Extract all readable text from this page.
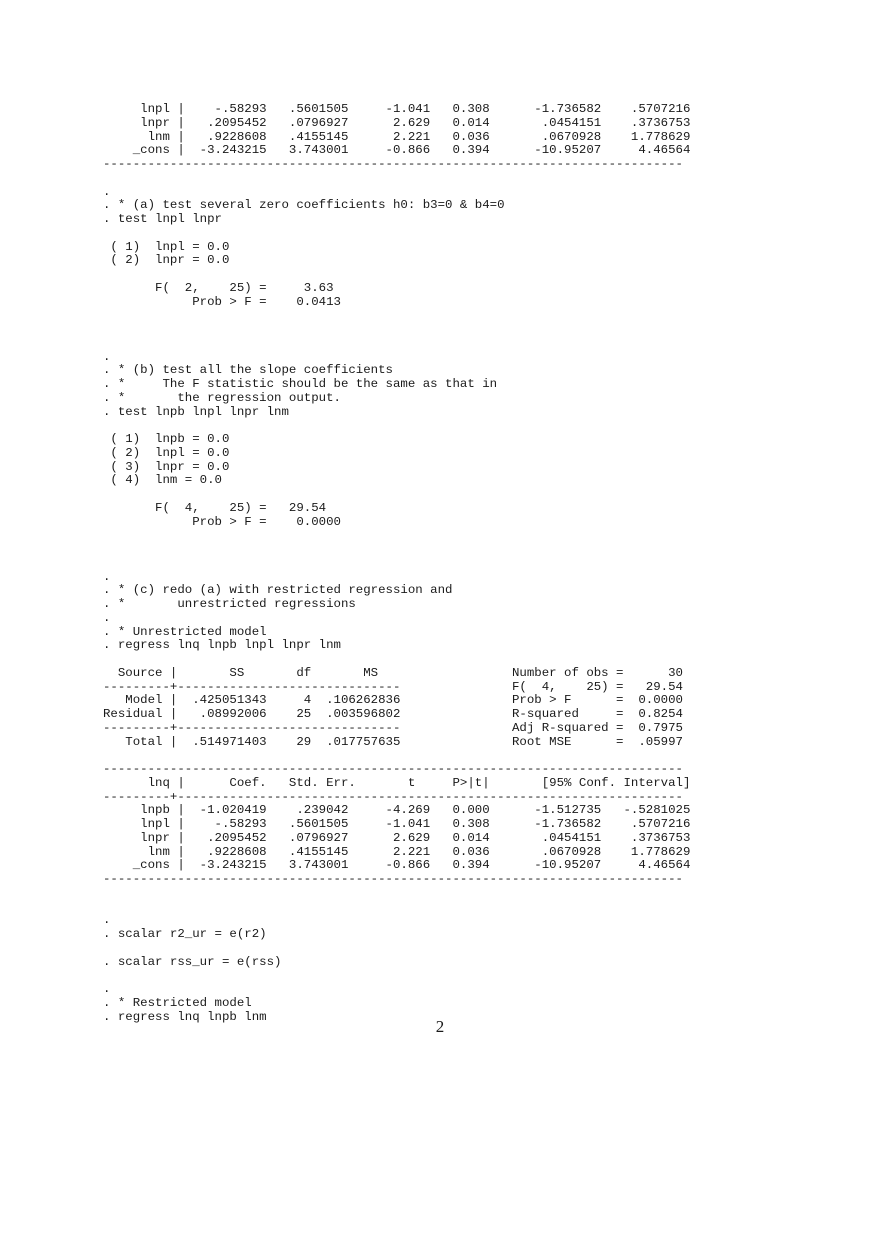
lnpl |    -.58293   .5601505     -1.041   0.308      -1.736582    .5707216
lnpr |   .2095452   .0796927      2.629   0.014       .0454151    .3736753
lnm |   .9228608   .4155145      2.221   0.036       .0670928    1.778629
_cons |  -3.243215   3.743001     -0.866   0.394      -10.95207     4.46564
------------------------------------------------------------------------------
.
. * (a) test several zero coefficients h0: b3=0 & b4=0
. test lnpl lnpr
( 1)  lnpl = 0.0
( 2)  lnpr = 0.0
F(  2,    25) =     3.63
Prob > F =    0.0413
.
. * (b) test all the slope coefficients
. *     The F statistic should be the same as that in
. *       the regression output.
. test lnpb lnpl lnpr lnm
( 1)  lnpb = 0.0
( 2)  lnpl = 0.0
( 3)  lnpr = 0.0
( 4)  lnm = 0.0
F(  4,    25) =   29.54
Prob > F =    0.0000
.
. * (c) redo (a) with restricted regression and
. *       unrestricted regressions
.
. * Unrestricted model
. regress lnq lnpb lnpl lnpr lnm
Source |       SS       df       MS                  Number of obs =      30
---------+------------------------------               F(  4,    25) =   29.54
Model |  .425051343     4  .106262836               Prob > F      =  0.0000
Residual |   .08992006    25  .003596802               R-squared     =  0.8254
---------+------------------------------               Adj R-squared =  0.7975
Total |  .514971403    29  .017757635               Root MSE      =  .05997
------------------------------------------------------------------------------
lnq |      Coef.   Std. Err.       t     P>|t|       [95% Conf. Interval]
---------+--------------------------------------------------------------------
lnpb |  -1.020419    .239042     -4.269   0.000      -1.512735   -.5281025
lnpl |    -.58293   .5601505     -1.041   0.308      -1.736582    .5707216
lnpr |   .2095452   .0796927      2.629   0.014       .0454151    .3736753
lnm |   .9228608   .4155145      2.221   0.036       .0670928    1.778629
_cons |  -3.243215   3.743001     -0.866   0.394      -10.95207     4.46564
------------------------------------------------------------------------------
.
. scalar r2_ur = e(r2)
. scalar rss_ur = e(rss)
.
. * Restricted model
. regress lnq lnpb lnm
2
